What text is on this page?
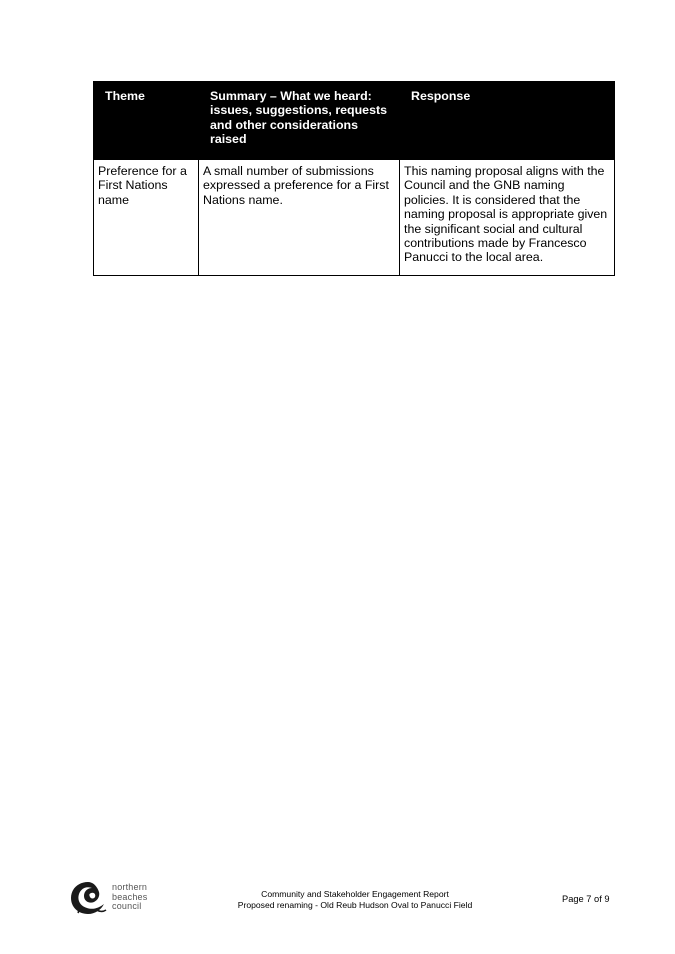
Theme	Summary – What we heard: issues, suggestions, requests and other considerations raised	Response
Preference for a First Nations name	A small number of submissions expressed a preference for a First Nations name.	This naming proposal aligns with the Council and the GNB naming policies. It is considered that the naming proposal is appropriate given the significant social and cultural contributions made by Francesco Panucci to the local area.
northern
beaches
council
Community and Stakeholder Engagement Report
Proposed renaming - Old Reub Hudson Oval to Panucci Field
Page 7 of 9
